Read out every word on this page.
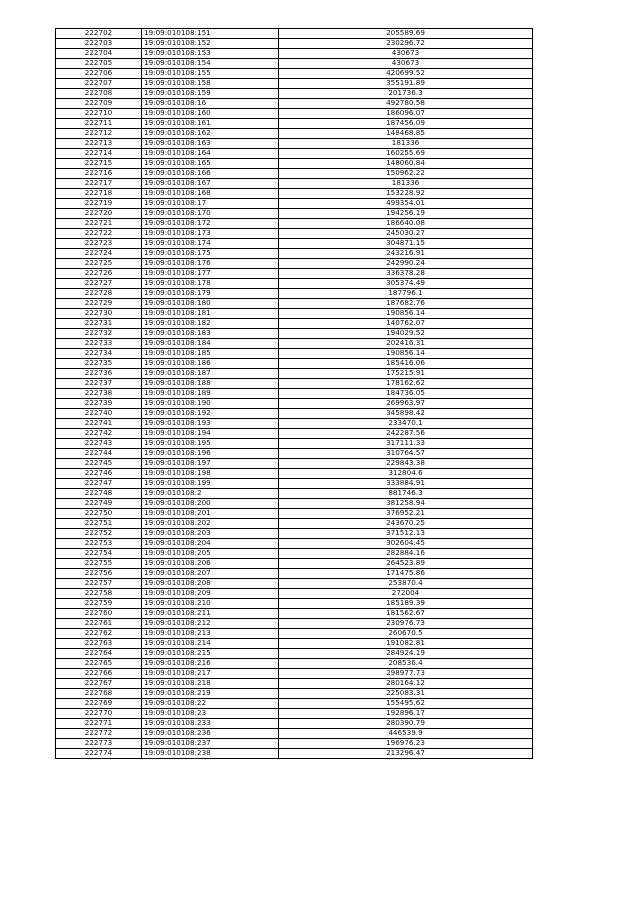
222702	19:09:010108:151	205589.69
222703	19:09:010108:152	230296.72
222704	19:09:010108:153	430673
222705	19:09:010108:154	430673
222706	19:09:010108:155	420699.52
222707	19:09:010108:158	355191.89
222708	19:09:010108:159	201736.3
222709	19:09:010108:16	492780.58
222710	19:09:010108:160	186096.07
222711	19:09:010108:161	187456.09
222712	19:09:010108:162	148468.85
222713	19:09:010108:163	181336
222714	19:09:010108:164	160255.69
222715	19:09:010108:165	148060.84
222716	19:09:010108:166	150962.22
222717	19:09:010108:167	181336
222718	19:09:010108:168	153228.92
222719	19:09:010108:17	499354.01
222720	19:09:010108:170	194256.19
222721	19:09:010108:172	186640.08
222722	19:09:010108:173	245030.27
222723	19:09:010108:174	304871.15
222724	19:09:010108:175	243216.91
222725	19:09:010108:176	242990.24
222726	19:09:010108:177	336378.28
222727	19:09:010108:178	305374.49
222728	19:09:010108:179	187796.1
222729	19:09:010108:180	187682.76
222730	19:09:010108:181	190856.14
222731	19:09:010108:182	140762.07
222732	19:09:010108:183	194029.52
222733	19:09:010108:184	202416.31
222734	19:09:010108:185	190856.14
222735	19:09:010108:186	185416.06
222736	19:09:010108:187	175215.91
222737	19:09:010108:188	178162.62
222738	19:09:010108:189	184736.05
222739	19:09:010108:190	269963.97
222740	19:09:010108:192	345898.42
222741	19:09:010108:193	233470.1
222742	19:09:010108:194	242287.56
222743	19:09:010108:195	317111.33
222744	19:09:010108:196	310764.57
222745	19:09:010108:197	229843.38
222746	19:09:010108:198	312804.6
222747	19:09:010108:199	333884.91
222748	19:09:010108:2	881746.3
222749	19:09:010108:200	381258.94
222750	19:09:010108:201	376952.21
222751	19:09:010108:202	243670.25
222752	19:09:010108:203	371512.13
222753	19:09:010108:204	302604.45
222754	19:09:010108:205	282884.16
222755	19:09:010108:206	264523.89
222756	19:09:010108:207	171475.86
222757	19:09:010108:208	253870.4
222758	19:09:010108:209	272004
222759	19:09:010108:210	185189.39
222760	19:09:010108:211	181562.67
222761	19:09:010108:212	230976.73
222762	19:09:010108:213	260670.5
222763	19:09:010108:214	191082.81
222764	19:09:010108:215	284924.19
222765	19:09:010108:216	208536.4
222766	19:09:010108:217	298977.73
222767	19:09:010108:218	280164.12
222768	19:09:010108:219	225083.31
222769	19:09:010108:22	155495.62
222770	19:09:010108:23	192896.17
222771	19:09:010108:233	280390.79
222772	19:09:010108:236	446539.9
222773	19:09:010108:237	196976.23
222774	19:09:010108:238	213296.47
